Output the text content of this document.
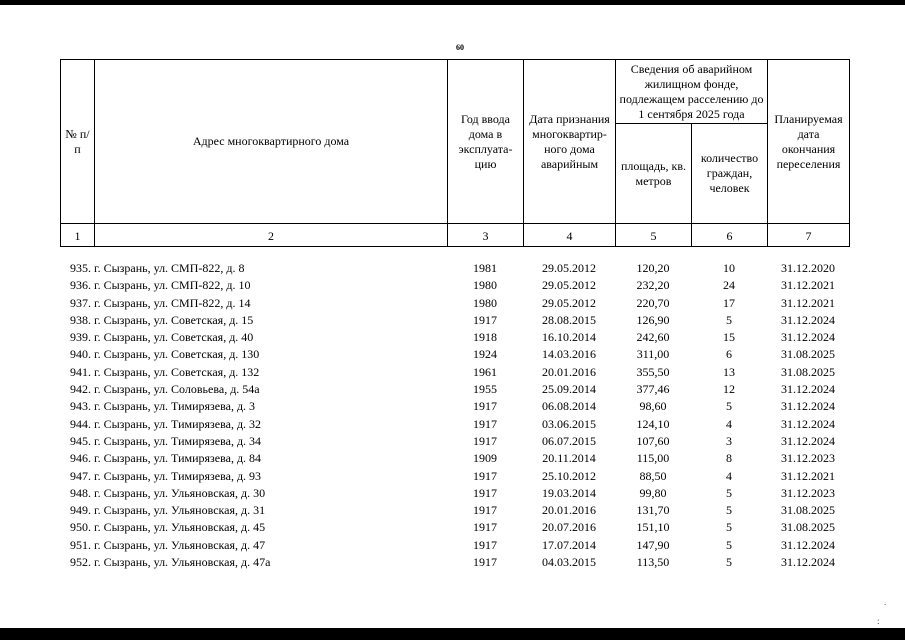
60
№ п/п	Адрес многоквартирного дома	Год ввода дома в эксплуата-цию	Дата признания многоквартир-ного дома аварийным	Сведения об аварийном жилищном фонде, подлежащем расселению до 1 сентября 2025 года		Планируемая дата окончания переселения
				площадь, кв. метров	количество граждан, человек	
1	2	3	4	5	6	7
935.	г. Сызрань, ул. СМП-822, д. 8	1981	29.05.2012	120,20	10	31.12.2020
936.	г. Сызрань, ул. СМП-822, д. 10	1980	29.05.2012	232,20	24	31.12.2021
937.	г. Сызрань, ул. СМП-822, д. 14	1980	29.05.2012	220,70	17	31.12.2021
938.	г. Сызрань, ул. Советская, д. 15	1917	28.08.2015	126,90	5	31.12.2024
939.	г. Сызрань, ул. Советская, д. 40	1918	16.10.2014	242,60	15	31.12.2024
940.	г. Сызрань, ул. Советская, д. 130	1924	14.03.2016	311,00	6	31.08.2025
941.	г. Сызрань, ул. Советская, д. 132	1961	20.01.2016	355,50	13	31.08.2025
942.	г. Сызрань, ул. Соловьева, д. 54а	1955	25.09.2014	377,46	12	31.12.2024
943.	г. Сызрань, ул. Тимирязева, д. 3	1917	06.08.2014	98,60	5	31.12.2024
944.	г. Сызрань, ул. Тимирязева, д. 32	1917	03.06.2015	124,10	4	31.12.2024
945.	г. Сызрань, ул. Тимирязева, д. 34	1917	06.07.2015	107,60	3	31.12.2024
946.	г. Сызрань, ул. Тимирязева, д. 84	1909	20.11.2014	115,00	8	31.12.2023
947.	г. Сызрань, ул. Тимирязева, д. 93	1917	25.10.2012	88,50	4	31.12.2021
948.	г. Сызрань, ул. Ульяновская, д. 30	1917	19.03.2014	99,80	5	31.12.2023
949.	г. Сызрань, ул. Ульяновская, д. 31	1917	20.01.2016	131,70	5	31.08.2025
950.	г. Сызрань, ул. Ульяновская, д. 45	1917	20.07.2016	151,10	5	31.08.2025
951.	г. Сызрань, ул. Ульяновская, д. 47	1917	17.07.2014	147,90	5	31.12.2024
952.	г. Сызрань, ул. Ульяновская, д. 47а	1917	04.03.2015	113,50	5	31.12.2024
.
:
